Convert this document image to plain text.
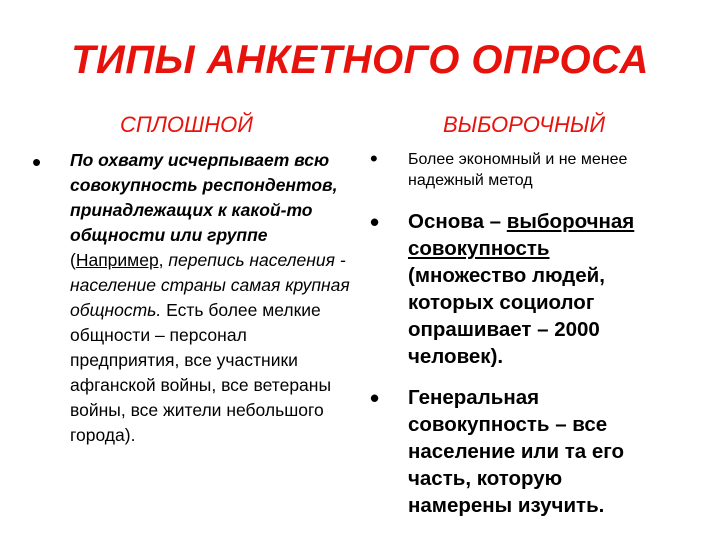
ТИПЫ АНКЕТНОГО ОПРОСА
СПЛОШНОЙ	ВЫБОРОЧНЫЙ
• По охвату исчерпывает всю совокупность респондентов, принадлежащих к какой-то общности или группе (Например, перепись населения - население страны самая крупная общность. Есть более мелкие общности – персонал предприятия, все участники афганской войны, все ветераны войны, все жители небольшого города).
• Более экономный и не менее надежный метод
• Основа – выборочная совокупность (множество людей, которых социолог опрашивает – 2000 человек).
• Генеральная совокупность – все население или та его часть, которую намерены изучить.
